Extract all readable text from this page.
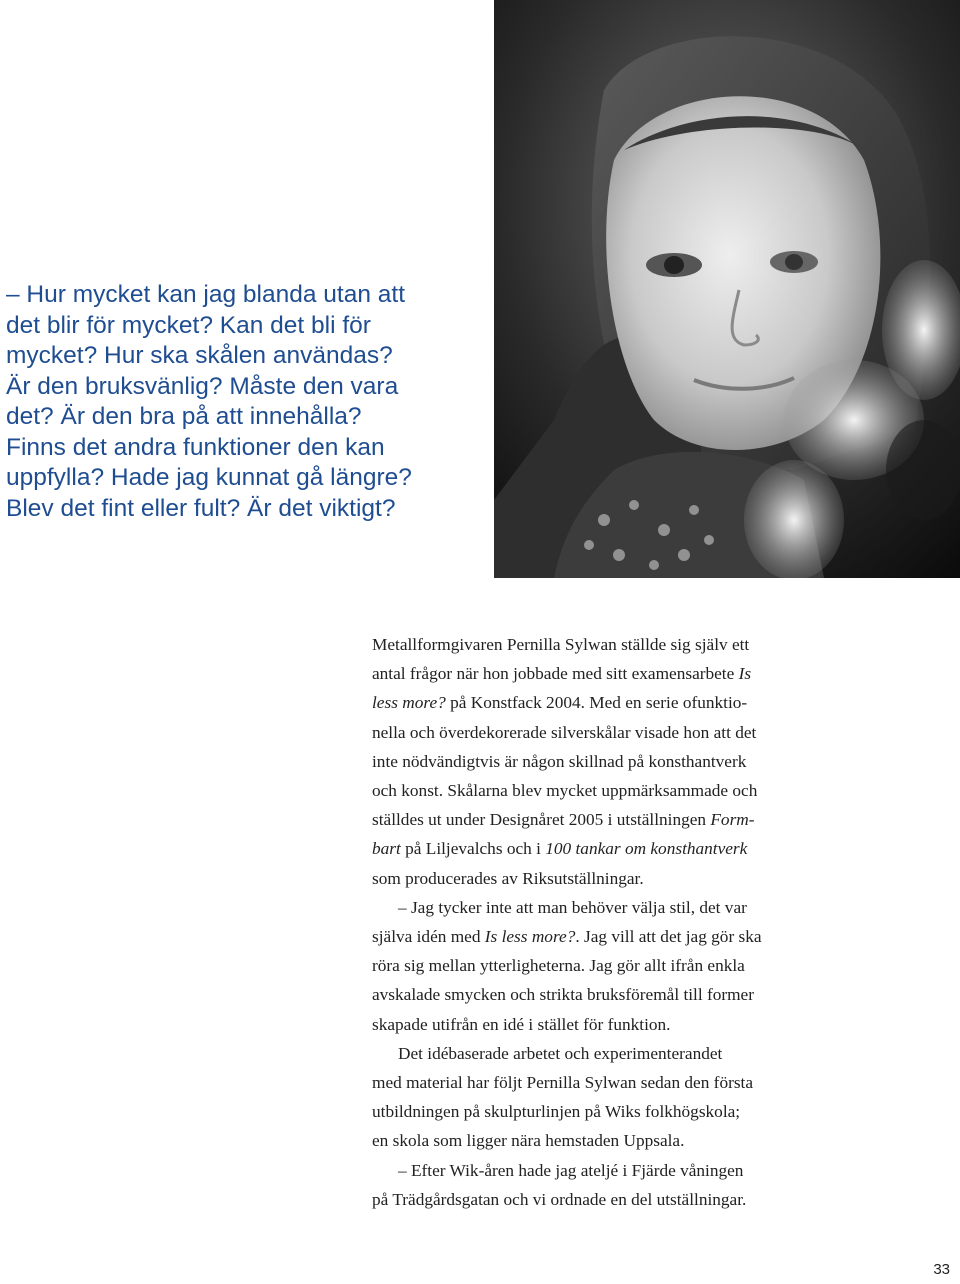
– Hur mycket kan jag blanda utan att
det blir för mycket? Kan det bli för
mycket? Hur ska skålen användas?
Är den bruksvänlig? Måste den vara
det? Är den bra på att innehålla?
Finns det andra funktioner den kan
uppfylla? Hade jag kunnat gå längre?
Blev det fint eller fult? Är det viktigt?
Metallformgivaren Pernilla Sylwan ställde sig själv ett
antal frågor när hon jobbade med sitt examensarbete Is
less more? på Konstfack 2004. Med en serie ofunktio-
nella och överdekorerade silverskålar visade hon att det
inte nödvändigtvis är någon skillnad på konsthantverk
och konst. Skålarna blev mycket uppmärksammade och
ställdes ut under Designåret 2005 i utställningen Form-
bart på Liljevalchs och i 100 tankar om konsthantverk
som producerades av Riksutställningar.
– Jag tycker inte att man behöver välja stil, det var
själva idén med Is less more?. Jag vill att det jag gör ska
röra sig mellan ytterligheterna. Jag gör allt ifrån enkla
avskalade smycken och strikta bruksföremål till former
skapade utifrån en idé i stället för funktion.
Det idébaserade arbetet och experimenterandet
med material har följt Pernilla Sylwan sedan den första
utbildningen på skulpturlinjen på Wiks folkhögskola;
en skola som ligger nära hemstaden Uppsala.
– Efter Wik-åren hade jag ateljé i Fjärde våningen
på Trädgårdsgatan och vi ordnade en del utställningar.
33
